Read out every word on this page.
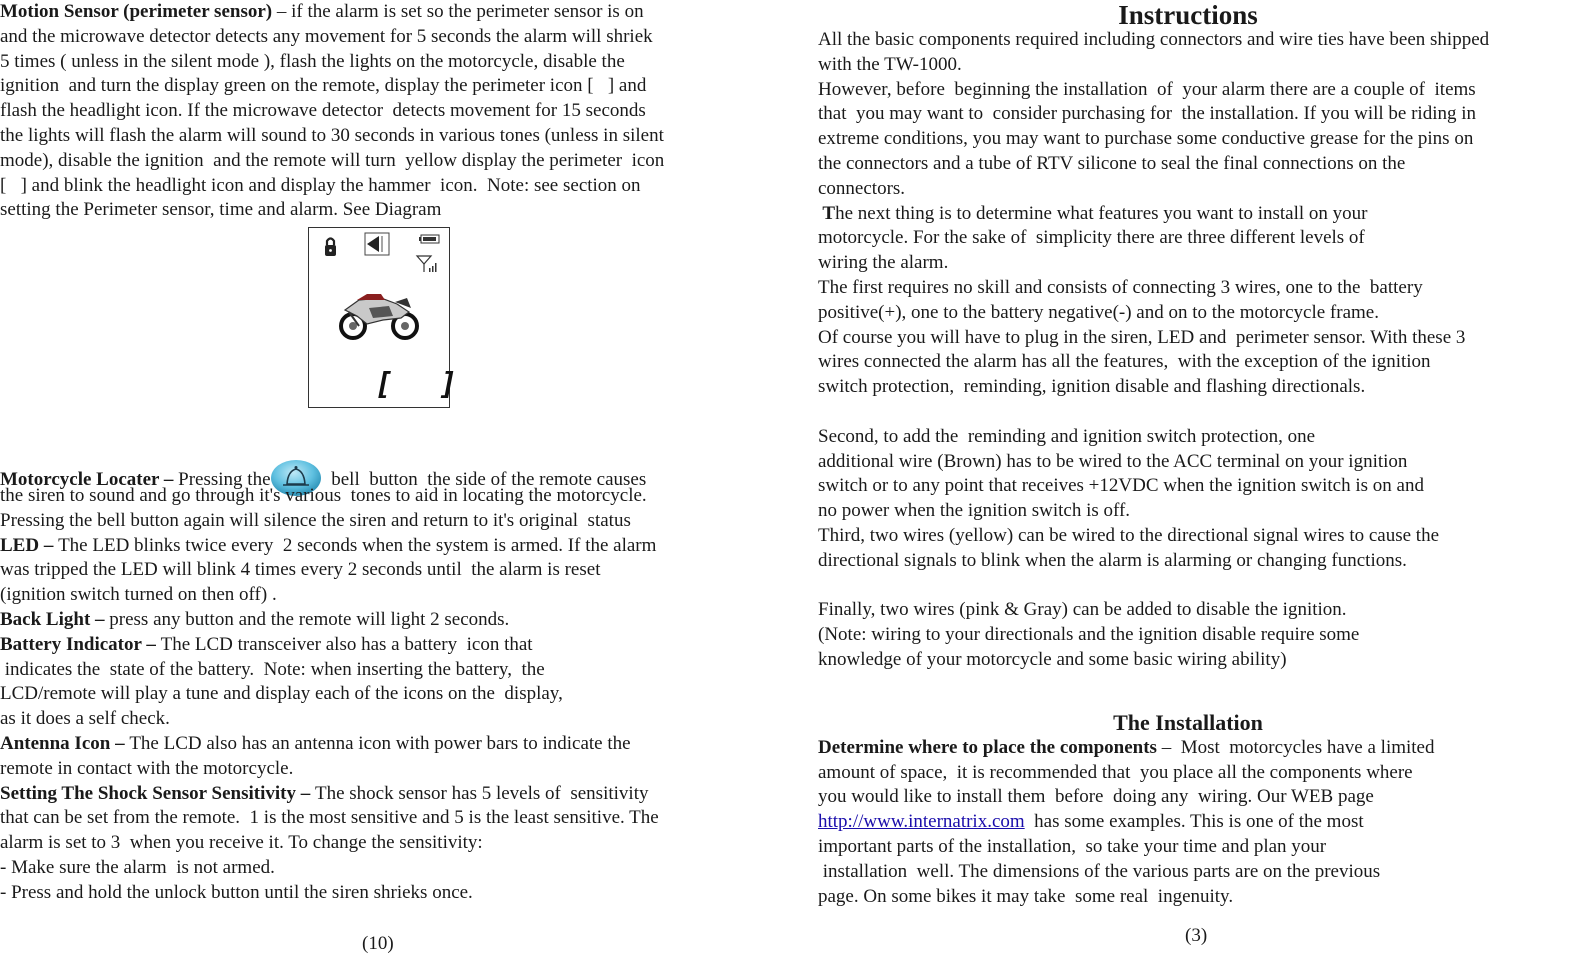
Motion Sensor (perimeter sensor) – if the alarm is set so the perimeter sensor is on
and the microwave detector detects any movement for 5 seconds the alarm will shriek
5 times ( unless in the silent mode ), flash the lights on the motorcycle, disable the
ignition  and turn the display green on the remote, display the perimeter icon [   ] and
flash the headlight icon. If the microwave detector  detects movement for 15 seconds
the lights will flash the alarm will sound to 30 seconds in various tones (unless in silent
mode), disable the ignition  and the remote will turn  yellow display the perimeter  icon
[   ] and blink the headlight icon and display the hammer  icon.  Note: see section on
setting the Perimeter sensor, time and alarm. See Diagram
Motorcycle Locater – Pressing the	bell  button  the side of the remote causes
the siren to sound and go through it's various  tones to aid in locating the motorcycle.
Pressing the bell button again will silence the siren and return to it's original  status
LED – The LED blinks twice every  2 seconds when the system is armed. If the alarm
was tripped the LED will blink 4 times every 2 seconds until  the alarm is reset
(ignition switch turned on then off) .
Back Light – press any button and the remote will light 2 seconds.
Battery Indicator – The LCD transceiver also has a battery  icon that
indicates the  state of the battery.  Note: when inserting the battery,  the
LCD/remote will play a tune and display each of the icons on the  display,
as it does a self check.
Antenna Icon – The LCD also has an antenna icon with power bars to indicate the
remote in contact with the motorcycle.
Setting The Shock Sensor Sensitivity – The shock sensor has 5 levels of  sensitivity
that can be set from the remote.  1 is the most sensitive and 5 is the least sensitive. The
alarm is set to 3  when you receive it. To change the sensitivity:
- Make sure the alarm  is not armed.
- Press and hold the unlock button until the siren shrieks once.
[ ]
(10)
Instructions
All the basic components required including connectors and wire ties have been shipped
with the TW-1000.
However, before  beginning the installation  of  your alarm there are a couple of  items
that  you may want to  consider purchasing for  the installation. If you will be riding in
extreme conditions, you may want to purchase some conductive grease for the pins on
the connectors and a tube of RTV silicone to seal the final connections on the
connectors.
The next thing is to determine what features you want to install on your
motorcycle. For the sake of  simplicity there are three different levels of
wiring the alarm.
The first requires no skill and consists of connecting 3 wires, one to the  battery
positive(+), one to the battery negative(-) and on to the motorcycle frame.
Of course you will have to plug in the siren, LED and  perimeter sensor. With these 3
wires connected the alarm has all the features,  with the exception of the ignition
switch protection,  reminding, ignition disable and flashing directionals.
Second, to add the  reminding and ignition switch protection, one
additional wire (Brown) has to be wired to the ACC terminal on your ignition
switch or to any point that receives +12VDC when the ignition switch is on and
no power when the ignition switch is off.
Third, two wires (yellow) can be wired to the directional signal wires to cause the
directional signals to blink when the alarm is alarming or changing functions.
Finally, two wires (pink & Gray) can be added to disable the ignition.
(Note: wiring to your directionals and the ignition disable require some
knowledge of your motorcycle and some basic wiring ability)
The Installation
Determine where to place the components –  Most  motorcycles have a limited
amount of space,  it is recommended that  you place all the components where
you would like to install them  before  doing any  wiring. Our WEB page
http://www.internatrix.com  has some examples. This is one of the most
important parts of the installation,  so take your time and plan your
installation  well. The dimensions of the various parts are on the previous
page. On some bikes it may take  some real  ingenuity.
(3)
